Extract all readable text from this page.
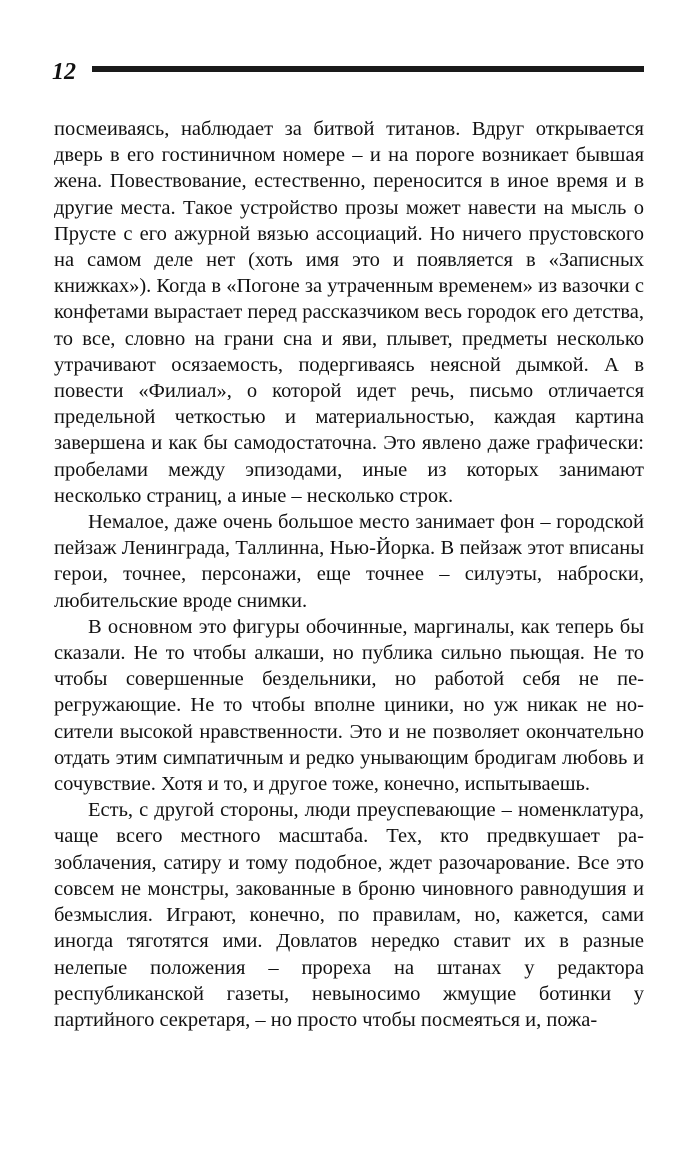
12

посмеиваясь, наблюдает за битвой титанов. Вдруг открывается дверь в его гостиничном номере – и на пороге возникает бывшая жена. Повествование, естественно, переносится в иное время и в другие места. Такое устройство прозы может навести на мысль о Прусте с его ажурной вязью ассоциаций. Но ничего прустовского на самом деле нет (хоть имя это и появляется в «Записных книжках»). Когда в «Погоне за утраченным временем» из вазочки с конфетами вырастает перед рассказчиком весь городок его детства, то все, словно на грани сна и яви, плывет, предметы несколько утрачивают осязаемость, подергиваясь неясной дымкой. А в повести «Филиал», о которой идет речь, письмо отличается предельной четкостью и материальностью, каждая картина завершена и как бы самодостаточна. Это явлено даже графически: пробелами между эпизодами, иные из которых занимают несколько страниц, а иные – несколько строк.

Немалое, даже очень большое место занимает фон – городской пейзаж Ленинграда, Таллинна, Нью-Йорка. В пейзаж этот вписаны герои, точнее, персонажи, еще точнее – силуэты, наброски, любительские вроде снимки.

В основном это фигуры обочинные, маргиналы, как теперь бы сказали. Не то чтобы алкаши, но публика сильно пьющая. Не то чтобы совершенные бездельники, но работой себя не перегружающие. Не то чтобы вполне циники, но уж никак не носители высокой нравственности. Это и не позволяет окончательно отдать этим симпатичным и редко унывающим бродигам любовь и сочувствие. Хотя и то, и другое тоже, конечно, испытываешь.

Есть, с другой стороны, люди преуспевающие – номенклатура, чаще всего местного масштаба. Тех, кто предвкушает разоблачения, сатиру и тому подобное, ждет разочарование. Все это совсем не монстры, закованные в броню чиновного равнодушия и безмыслия. Играют, конечно, по правилам, но, кажется, сами иногда тяготятся ими. Довлатов нередко ставит их в разные нелепые положения – прореха на штанах у редактора республиканской газеты, невыносимо жмущие ботинки у партийного секретаря, – но просто чтобы посмеяться и, пожа-
